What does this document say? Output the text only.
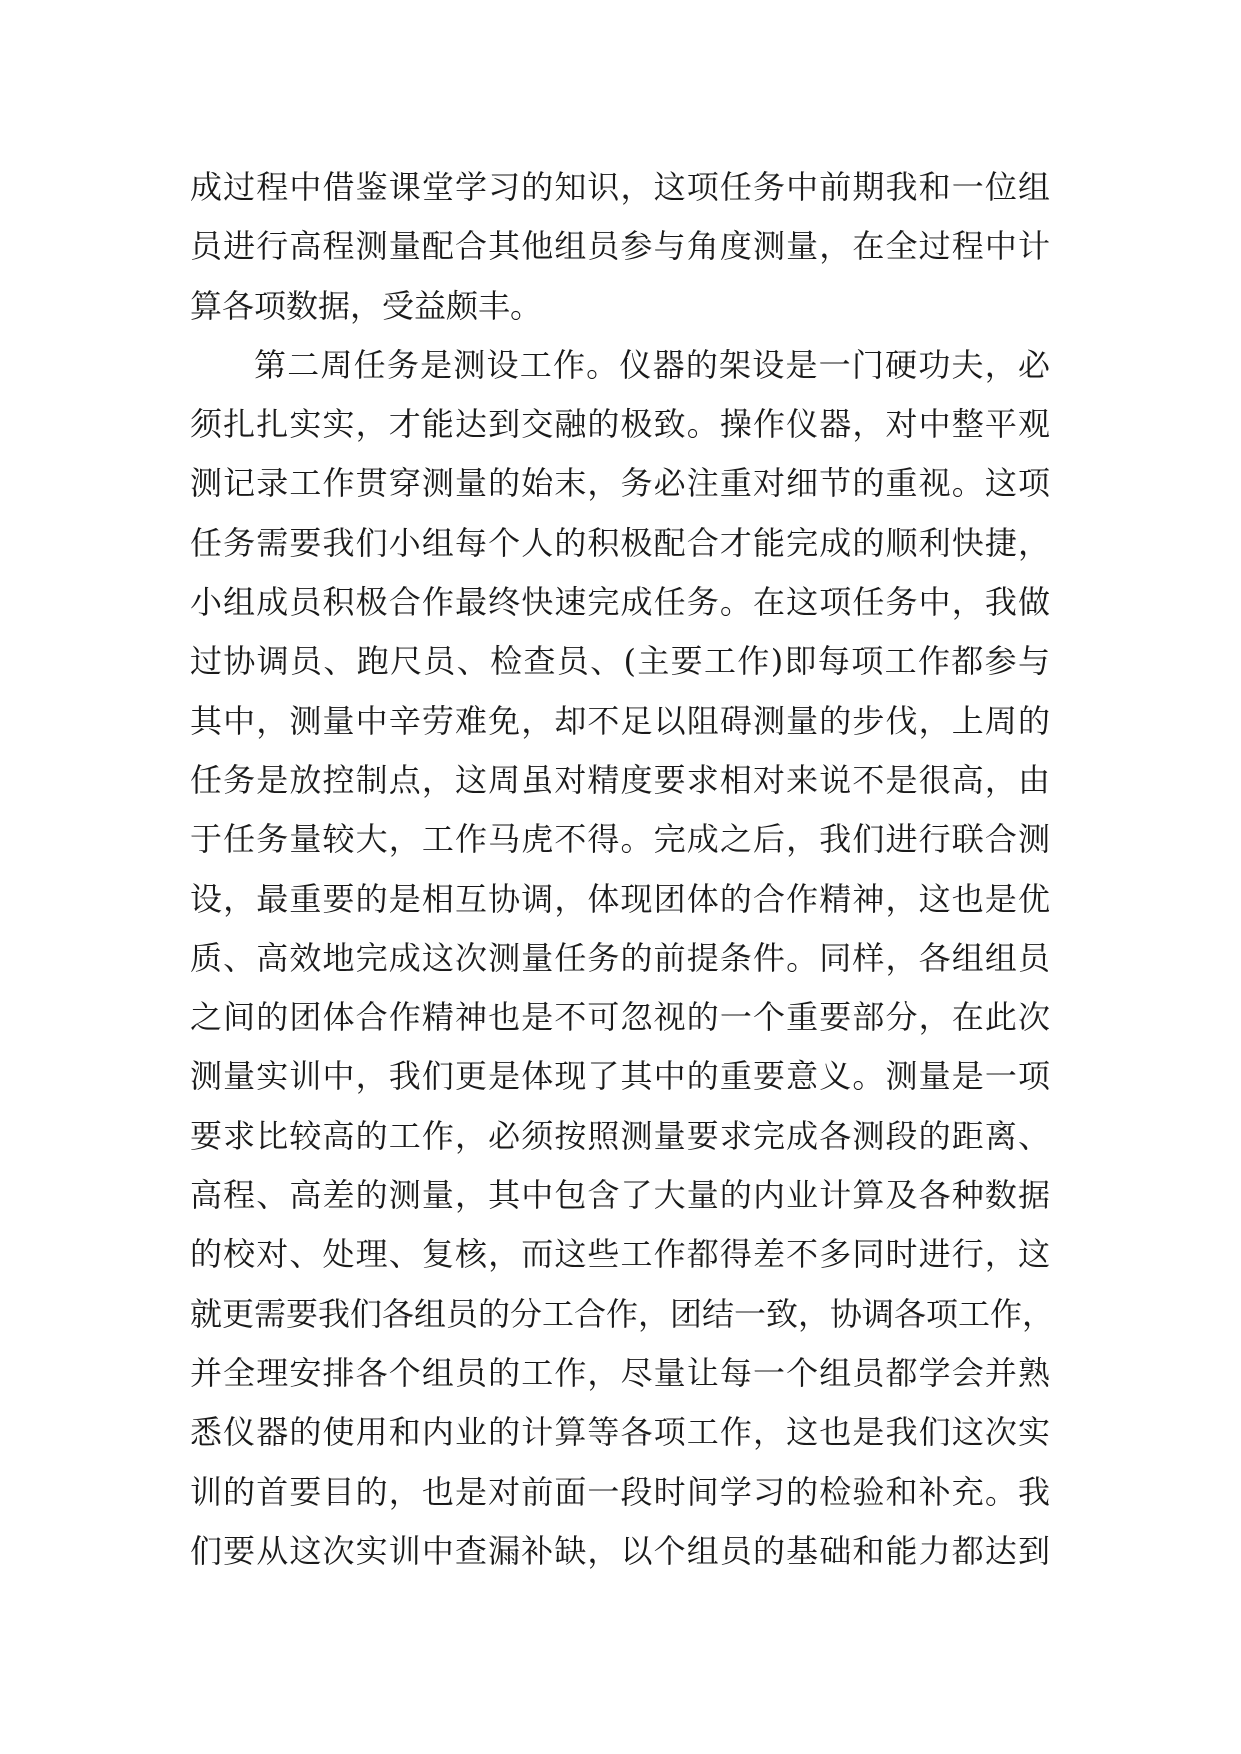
成过程中借鉴课堂学习的知识，这项任务中前期我和一位组
员进行高程测量配合其他组员参与角度测量，在全过程中计
算各项数据，受益颇丰。
第二周任务是测设工作。仪器的架设是一门硬功夫，必
须扎扎实实，才能达到交融的极致。操作仪器，对中整平观
测记录工作贯穿测量的始末，务必注重对细节的重视。这项
任务需要我们小组每个人的积极配合才能完成的顺利快捷，
小组成员积极合作最终快速完成任务。在这项任务中，我做
过协调员、跑尺员、检查员、(主要工作)即每项工作都参与
其中，测量中辛劳难免，却不足以阻碍测量的步伐，上周的
任务是放控制点，这周虽对精度要求相对来说不是很高，由
于任务量较大，工作马虎不得。完成之后，我们进行联合测
设，最重要的是相互协调，体现团体的合作精神，这也是优
质、高效地完成这次测量任务的前提条件。同样，各组组员
之间的团体合作精神也是不可忽视的一个重要部分，在此次
测量实训中，我们更是体现了其中的重要意义。测量是一项
要求比较高的工作，必须按照测量要求完成各测段的距离、
高程、高差的测量，其中包含了大量的内业计算及各种数据
的校对、处理、复核，而这些工作都得差不多同时进行，这
就更需要我们各组员的分工合作，团结一致，协调各项工作，
并全理安排各个组员的工作，尽量让每一个组员都学会并熟
悉仪器的使用和内业的计算等各项工作，这也是我们这次实
训的首要目的，也是对前面一段时间学习的检验和补充。我
们要从这次实训中查漏补缺，以个组员的基础和能力都达到
